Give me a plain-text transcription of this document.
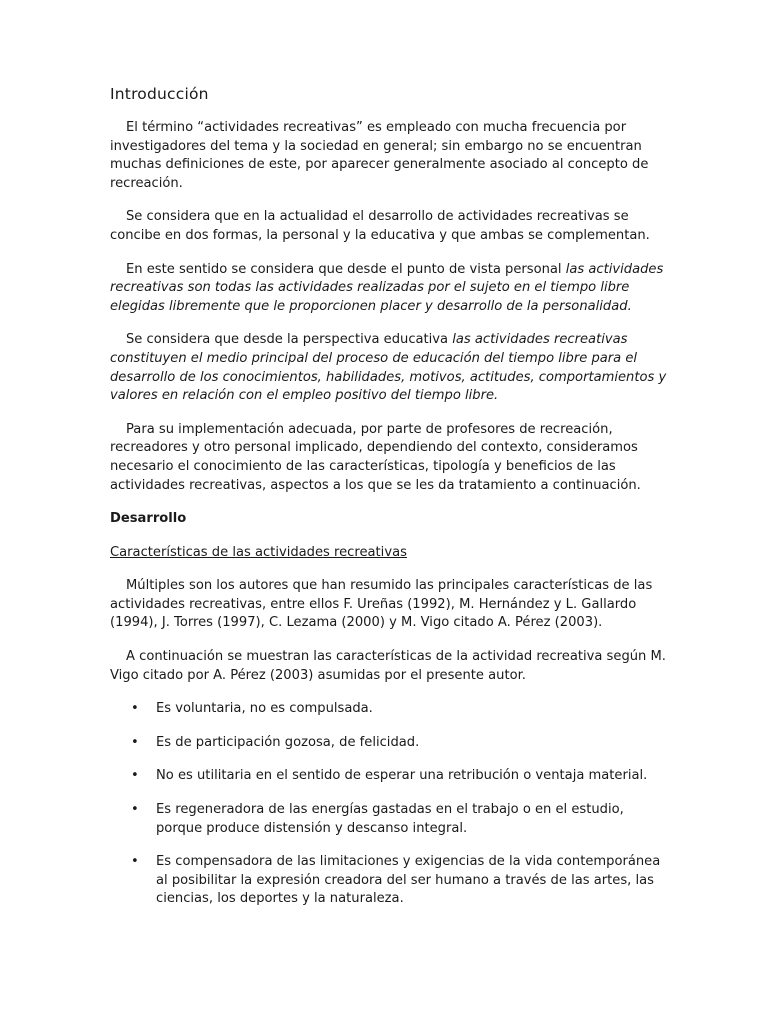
Introducción

El término “actividades recreativas” es empleado con mucha frecuencia por investigadores del tema y la sociedad en general; sin embargo no se encuentran muchas definiciones de este, por aparecer generalmente asociado al concepto de recreación.

Se considera que en la actualidad el desarrollo de actividades recreativas se concibe en dos formas, la personal y la educativa y que ambas se complementan.

En este sentido se considera que desde el punto de vista personal las actividades recreativas son todas las actividades realizadas por el sujeto en el tiempo libre elegidas libremente que le proporcionen placer y desarrollo de la personalidad.

Se considera que desde la perspectiva educativa las actividades recreativas constituyen el medio principal del proceso de educación del tiempo libre para el desarrollo de los conocimientos, habilidades, motivos, actitudes, comportamientos y valores en relación con el empleo positivo del tiempo libre.

Para su implementación adecuada, por parte de profesores de recreación, recreadores y otro personal implicado, dependiendo del contexto, consideramos necesario el conocimiento de las características, tipología y beneficios de las actividades recreativas, aspectos a los que se les da tratamiento a continuación.

Desarrollo

Características de las actividades recreativas

Múltiples son los autores que han resumido las principales características de las actividades recreativas, entre ellos F. Ureñas (1992), M. Hernández y L. Gallardo (1994), J. Torres (1997), C. Lezama (2000) y M. Vigo citado A. Pérez (2003).

A continuación se muestran las características de la actividad recreativa según M. Vigo citado por A. Pérez (2003) asumidas por el presente autor.

• Es voluntaria, no es compulsada.
• Es de participación gozosa, de felicidad.
• No es utilitaria en el sentido de esperar una retribución o ventaja material.
• Es regeneradora de las energías gastadas en el trabajo o en el estudio, porque produce distensión y descanso integral.
• Es compensadora de las limitaciones y exigencias de la vida contemporánea al posibilitar la expresión creadora del ser humano a través de las artes, las ciencias, los deportes y la naturaleza.
